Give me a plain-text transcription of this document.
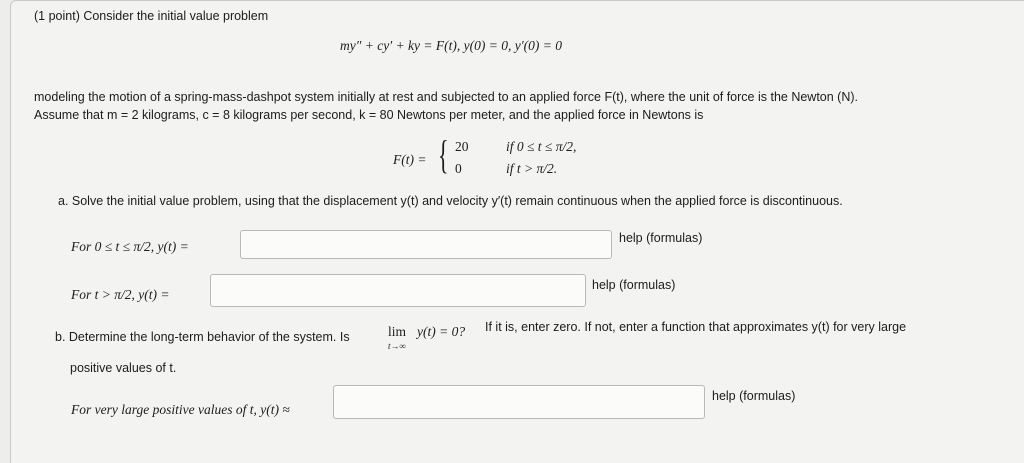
(1 point) Consider the initial value problem
my″ + cy′ + ky = F(t), y(0) = 0, y′(0) = 0
modeling the motion of a spring-mass-dashpot system initially at rest and subjected to an applied force F(t), where the unit of force is the Newton (N).
Assume that m = 2 kilograms, c = 8 kilograms per second, k = 80 Newtons per meter, and the applied force in Newtons is
F(t) = { 20	if 0 ≤ t ≤ π/2,
0	if t > π/2.
a. Solve the initial value problem, using that the displacement y(t) and velocity y′(t) remain continuous when the applied force is discontinuous.
For 0 ≤ t ≤ π/2, y(t) =
help (formulas)
For t > π/2, y(t) =
help (formulas)
b. Determine the long-term behavior of the system. Is	lim
t→∞
y(t) = 0? If it is, enter zero. If not, enter a function that approximates y(t) for very large
positive values of t.
For very large positive values of t, y(t) ≈
help (formulas)
